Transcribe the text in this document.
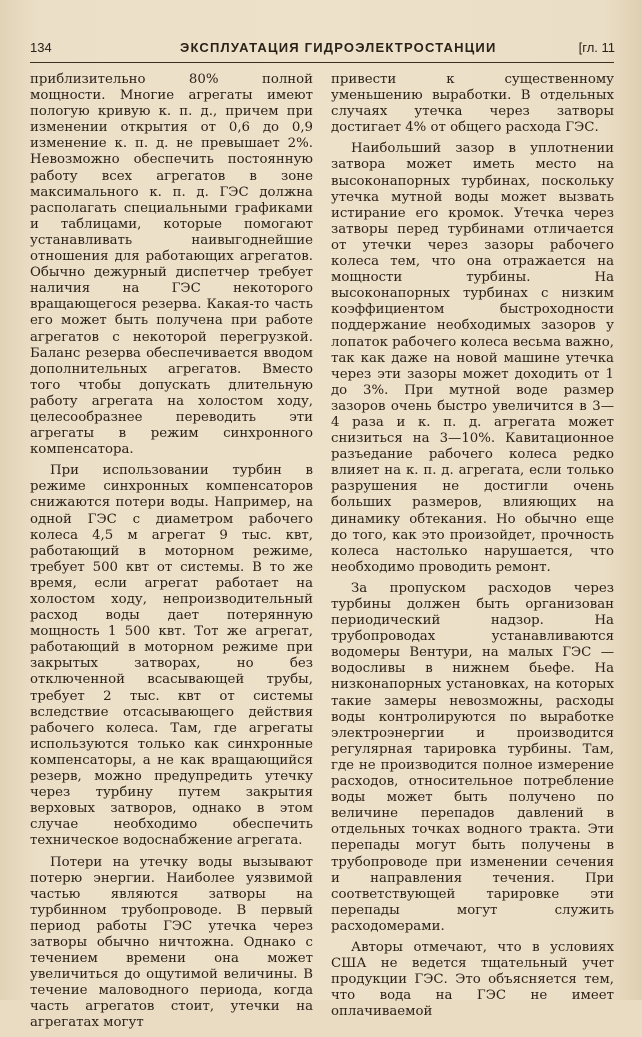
134	ЭКСПЛУАТАЦИЯ ГИДРОЭЛЕКТРОСТАНЦИИ	[гл. 11

приблизительно 80% полной мощности. Многие агрегаты имеют пологую кривую к. п. д., причем при изменении открытия от 0,6 до 0,9 изменение к. п. д. не превышает 2%. Невозможно обеспечить постоянную работу всех агрегатов в зоне максимального к. п. д. ГЭС должна располагать специальными графиками и таблицами, которые помогают устанавливать наивыгоднейшие отношения для работающих агрегатов. Обычно дежурный диспетчер требует наличия на ГЭС некоторого вращающегося резерва. Какая-то часть его может быть получена при работе агрегатов с некоторой перегрузкой. Баланс резерва обеспечивается вводом дополнительных агрегатов. Вместо того чтобы допускать длительную работу агрегата на холостом ходу, целесообразнее переводить эти агрегаты в режим синхронного компенсатора.

При использовании турбин в режиме синхронных компенсаторов снижаются потери воды. Например, на одной ГЭС с диаметром рабочего колеса 4,5 м агрегат 9 тыс. квт, работающий в моторном режиме, требует 500 квт от системы. В то же время, если агрегат работает на холостом ходу, непроизводительный расход воды дает потерянную мощность 1 500 квт. Тот же агрегат, работающий в моторном режиме при закрытых затворах, но без отключенной всасывающей трубы, требует 2 тыс. квт от системы вследствие отсасывающего действия рабочего колеса. Там, где агрегаты используются только как синхронные компенсаторы, а не как вращающийся резерв, можно предупредить утечку через турбину путем закрытия верховых затворов, однако в этом случае необходимо обеспечить техническое водоснабжение агрегата.

Потери на утечку воды вызывают потерю энергии. Наиболее уязвимой частью являются затворы на турбинном трубопроводе. В первый период работы ГЭС утечка через затворы обычно ничтожна. Однако с течением времени она может увеличиться до ощутимой величины. В течение маловодного периода, когда часть агрегатов стоит, утечки на агрегатах могут

привести к существенному уменьшению выработки. В отдельных случаях утечка через затворы достигает 4% от общего расхода ГЭС.

Наибольший зазор в уплотнении затвора может иметь место на высоконапорных турбинах, поскольку утечка мутной воды может вызвать истирание его кромок. Утечка через затворы перед турбинами отличается от утечки через зазоры рабочего колеса тем, что она отражается на мощности турбины. На высоконапорных турбинах с низким коэффициентом быстроходности поддержание необходимых зазоров у лопаток рабочего колеса весьма важно, так как даже на новой машине утечка через эти зазоры может доходить от 1 до 3%. При мутной воде размер зазоров очень быстро увеличится в 3—4 раза и к. п. д. агрегата может снизиться на 3—10%. Кавитационное разъедание рабочего колеса редко влияет на к. п. д. агрегата, если только разрушения не достигли очень больших размеров, влияющих на динамику обтекания. Но обычно еще до того, как это произойдет, прочность колеса настолько нарушается, что необходимо проводить ремонт.

За пропуском расходов через турбины должен быть организован периодический надзор. На трубопроводах устанавливаются водомеры Вентури, на малых ГЭС — водосливы в нижнем бьефе. На низконапорных установках, на которых такие замеры невозможны, расходы воды контролируются по выработке электроэнергии и производится регулярная тарировка турбины. Там, где не производится полное измерение расходов, относительное потребление воды может быть получено по величине перепадов давлений в отдельных точках водного тракта. Эти перепады могут быть получены в трубопроводе при изменении сечения и направления течения. При соответствующей тарировке эти перепады могут служить расходомерами.

Авторы отмечают, что в условиях США не ведется тщательный учет продукции ГЭС. Это объясняется тем, что вода на ГЭС не имеет оплачиваемой
